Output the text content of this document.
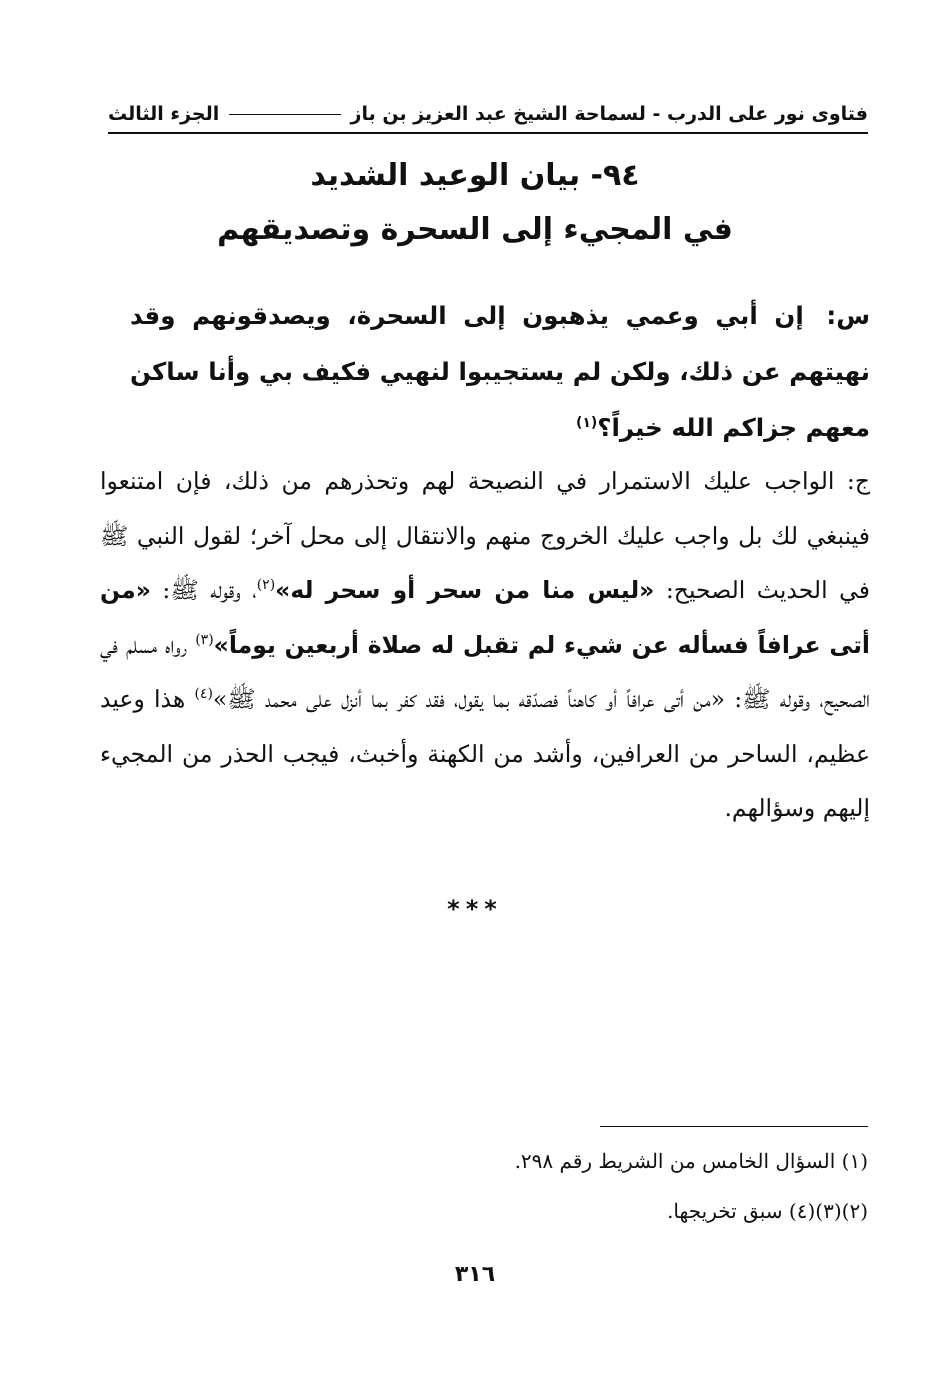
فتاوى نور على الدرب - لسماحة الشيخ عبد العزيز بن باز
الجزء الثالث
٩٤- بيان الوعيد الشديد
في المجيء إلى السحرة وتصديقهم
س: إن أبي وعمي يذهبون إلى السحرة، ويصدقونهم وقد نهيتهم عن ذلك، ولكن لم يستجيبوا لنهيي فكيف بي وأنا ساكن معهم جزاكم الله خيراً؟$^{(١)}$
ج: الواجب عليك الاستمرار في النصيحة لهم وتحذرهم من ذلك، فإن امتنعوا فينبغي لك بل واجب عليك الخروج منهم والانتقال إلى محل آخر؛ لقول النبي ﷺ في الحديث الصحيح: «ليس منا من سحر أو سحر له»$^{(٢)}$، وقوله ﷺ: «من أتى عرافاً فسأله عن شيء لم تقبل له صلاة أربعين يوماً»$^{(٣)}$ رواه مسلم في الصحيح، وقوله ﷺ: «من أتى عرافاً أو كاهناً فصدّقه بما يقول، فقد كفر بما أنزل على محمد ﷺ»$^{(٤)}$ هذا وعيد عظيم، الساحر من العرافين، وأشد من الكهنة وأخبث، فيجب الحذر من المجيء إليهم وسؤالهم.
***
(١) السؤال الخامس من الشريط رقم ٢٩٨.
(٢)(٣)(٤) سبق تخريجها.
٣١٦
